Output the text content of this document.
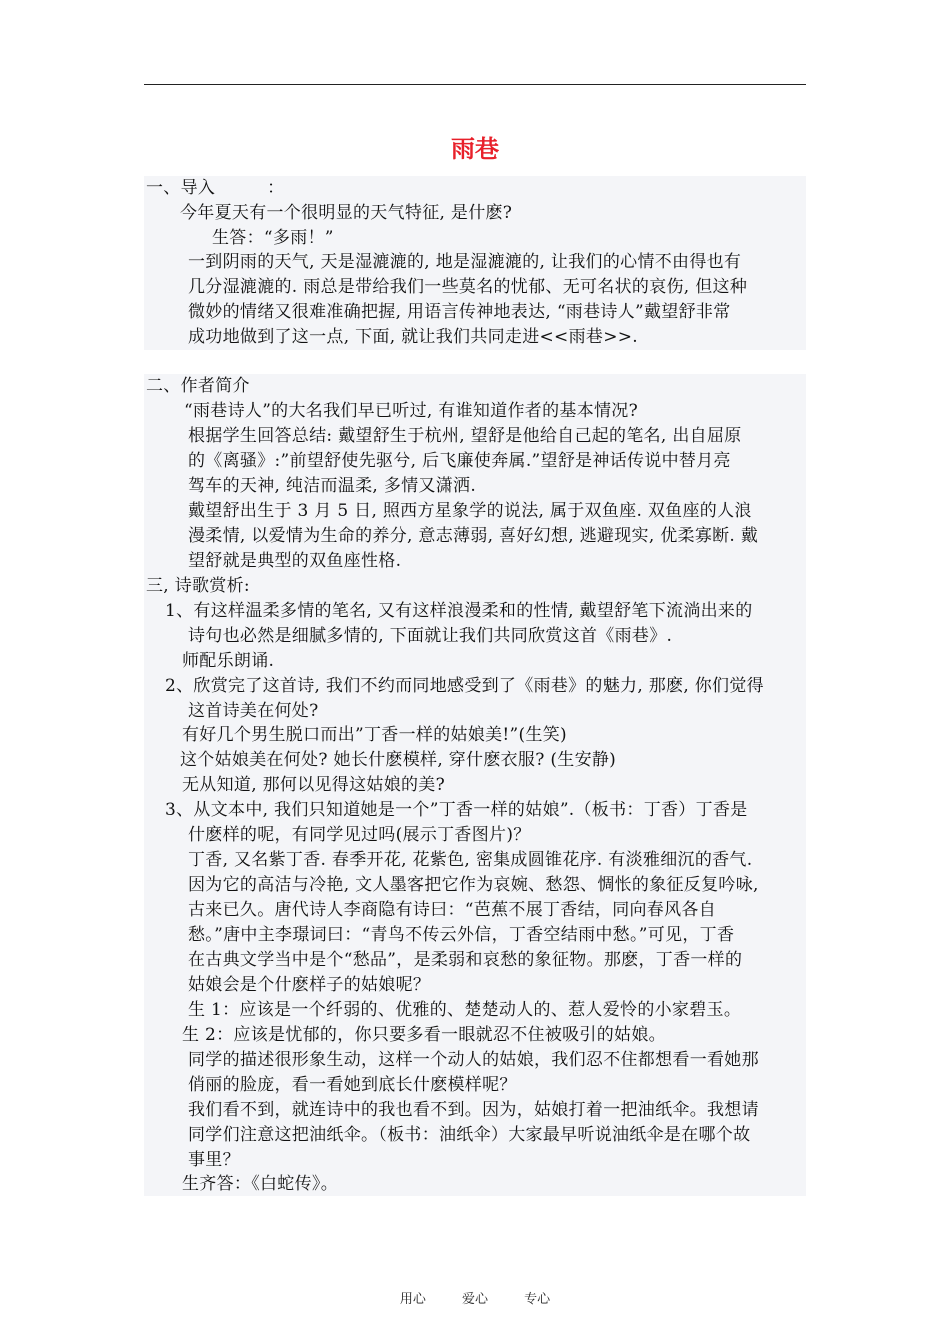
雨巷
一、导入　　　：
今年夏天有一个很明显的天气特征, 是什麽?
生答：“多雨！”
一到阴雨的天气, 天是湿漉漉的, 地是湿漉漉的, 让我们的心情不由得也有
几分湿漉漉的. 雨总是带给我们一些莫名的忧郁、无可名状的哀伤, 但这种
微妙的情绪又很难准确把握, 用语言传神地表达, “雨巷诗人”戴望舒非常
成功地做到了这一点, 下面, 就让我们共同走进<<雨巷>>.
二、作者简介
“雨巷诗人”的大名我们早已听过, 有谁知道作者的基本情况?
根据学生回答总结: 戴望舒生于杭州, 望舒是他给自己起的笔名, 出自屈原
的《离骚》:”前望舒使先驱兮, 后飞廉使奔属.”望舒是神话传说中替月亮
驾车的天神, 纯洁而温柔, 多情又潇洒.
戴望舒出生于 3 月 5 日, 照西方星象学的说法, 属于双鱼座. 双鱼座的人浪
漫柔情, 以爱情为生命的养分, 意志薄弱, 喜好幻想, 逃避现实, 优柔寡断. 戴
望舒就是典型的双鱼座性格.
三, 诗歌赏析:
1、有这样温柔多情的笔名, 又有这样浪漫柔和的性情, 戴望舒笔下流淌出来的
诗句也必然是细腻多情的, 下面就让我们共同欣赏这首《雨巷》.
师配乐朗诵.
2、欣赏完了这首诗, 我们不约而同地感受到了《雨巷》的魅力, 那麽, 你们觉得
这首诗美在何处?
有好几个男生脱口而出”丁香一样的姑娘美!”(生笑)
这个姑娘美在何处? 她长什麽模样, 穿什麽衣服? (生安静)
无从知道, 那何以见得这姑娘的美?
3、从文本中, 我们只知道她是一个”丁香一样的姑娘”.（板书：丁香）丁香是
什麽样的呢，有同学见过吗(展示丁香图片)？
丁香, 又名紫丁香. 春季开花, 花紫色, 密集成圆锥花序. 有淡雅细沉的香气.
因为它的高洁与冷艳, 文人墨客把它作为哀婉、愁怨、惆怅的象征反复吟咏,
古来已久。唐代诗人李商隐有诗曰：“芭蕉不展丁香结，同向春风各自
愁。”唐中主李璟词曰：“青鸟不传云外信，丁香空结雨中愁。”可见，丁香
在古典文学当中是个“愁品”，是柔弱和哀愁的象征物。那麽，丁香一样的
姑娘会是个什麽样子的姑娘呢？
生 1：应该是一个纤弱的、优雅的、楚楚动人的、惹人爱怜的小家碧玉。
生 2：应该是忧郁的，你只要多看一眼就忍不住被吸引的姑娘。
同学的描述很形象生动，这样一个动人的姑娘，我们忍不住都想看一看她那
俏丽的脸庞，看一看她到底长什麽模样呢？
我们看不到，就连诗中的我也看不到。因为，姑娘打着一把油纸伞。我想请
同学们注意这把油纸伞。（板书：油纸伞）大家最早听说油纸伞是在哪个故
事里？
生齐答：《白蛇传》。
用心	爱心	专心
